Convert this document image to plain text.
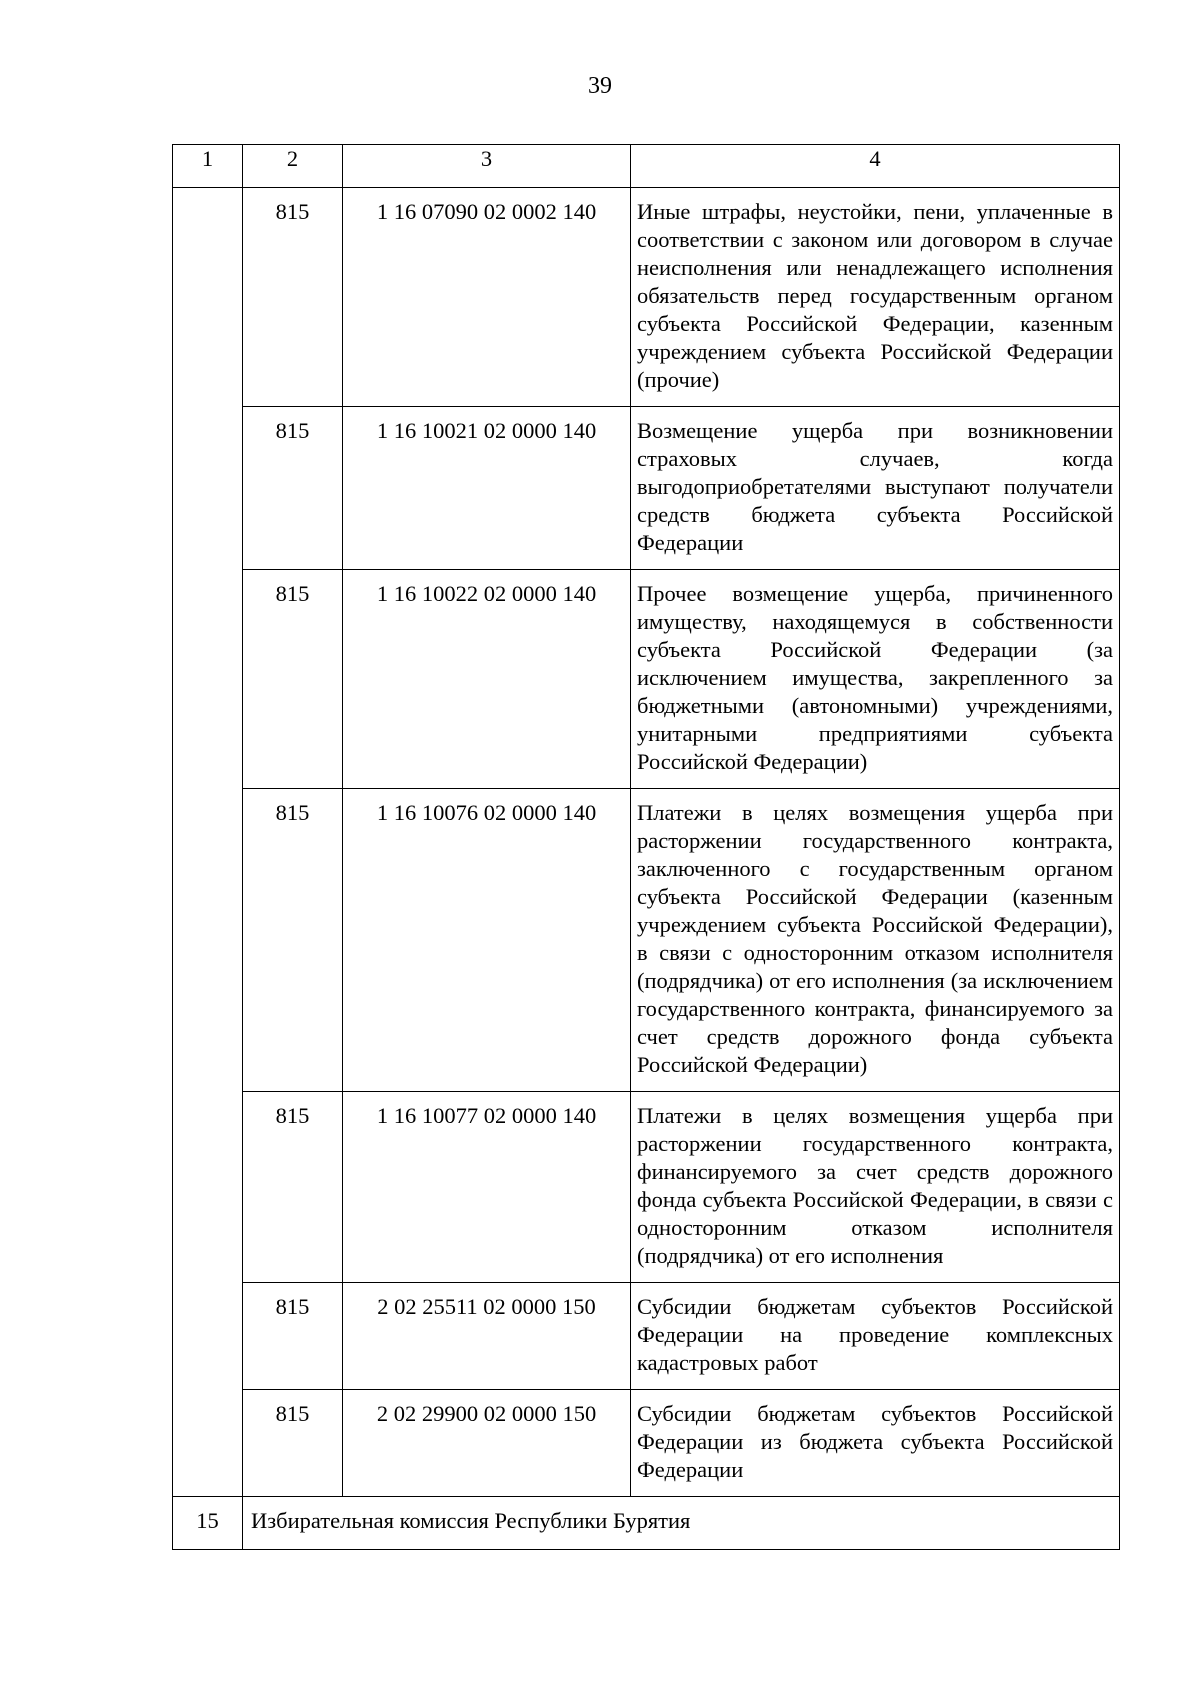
39
1	2	3	4
	815	1 16 07090 02 0002 140	Иные штрафы, неустойки, пени, уплаченные в соответствии с законом или договором в случае неисполнения или ненадлежащего исполнения обязательств перед государственным органом субъекта Российской Федерации, казенным учреждением субъекта Российской Федерации (прочие)
	815	1 16 10021 02 0000 140	Возмещение ущерба при возникновении страховых случаев, когда выгодоприобретателями выступают получатели средств бюджета субъекта Российской Федерации
	815	1 16 10022 02 0000 140	Прочее возмещение ущерба, причиненного имуществу, находящемуся в собственности субъекта Российской Федерации (за исключением имущества, закрепленного за бюджетными (автономными) учреждениями, унитарными предприятиями субъекта Российской Федерации)
	815	1 16 10076 02 0000 140	Платежи в целях возмещения ущерба при расторжении государственного контракта, заключенного с государственным органом субъекта Российской Федерации (казенным учреждением субъекта Российской Федерации), в связи с односторонним отказом исполнителя (подрядчика) от его исполнения (за исключением государственного контракта, финансируемого за счет средств дорожного фонда субъекта Российской Федерации)
	815	1 16 10077 02 0000 140	Платежи в целях возмещения ущерба при расторжении государственного контракта, финансируемого за счет средств дорожного фонда субъекта Российской Федерации, в связи с односторонним отказом исполнителя (подрядчика) от его исполнения
	815	2 02 25511 02 0000 150	Субсидии бюджетам субъектов Российской Федерации на проведение комплексных кадастровых работ
	815	2 02 29900 02 0000 150	Субсидии бюджетам субъектов Российской Федерации из бюджета субъекта Российской Федерации
15	Избирательная комиссия Республики Бурятия		
